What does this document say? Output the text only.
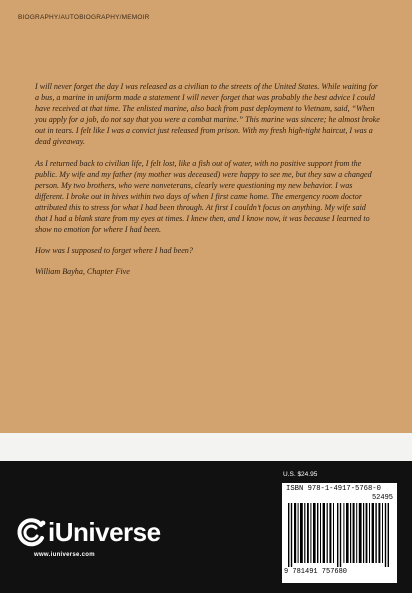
BIOGRAPHY/AUTOBIOGRAPHY/MEMOIR

I will never forget the day I was released as a civilian to the streets of the United States. While waiting for a bus, a marine in uniform made a statement I will never forget that was probably the best advice I could have received at that time. The enlisted marine, also back from past deployment to Vietnam, said, “When you apply for a job, do not say that you were a combat marine.” This marine was sincere; he almost broke out in tears. I felt like I was a convict just released from prison. With my fresh high-tight haircut, I was a dead giveaway.

As I returned back to civilian life, I felt lost, like a fish out of water, with no positive support from the public. My wife and my father (my mother was deceased) were happy to see me, but they saw a changed person. My two brothers, who were nonveterans, clearly were questioning my new behavior. I was different. I broke out in hives within two days of when I first came home. The emergency room doctor attributed this to stress for what I had been through. At first I couldn’t focus on anything. My wife said that I had a blank stare from my eyes at times. I knew then, and I know now, it was because I learned to show no emotion for where I had been.

How was I supposed to forget where I had been?

William Bayha, Chapter Five

iUniverse
www.iuniverse.com
U.S. $24.95
ISBN 978-1-4917-5768-0
52495
9 781491 757680
